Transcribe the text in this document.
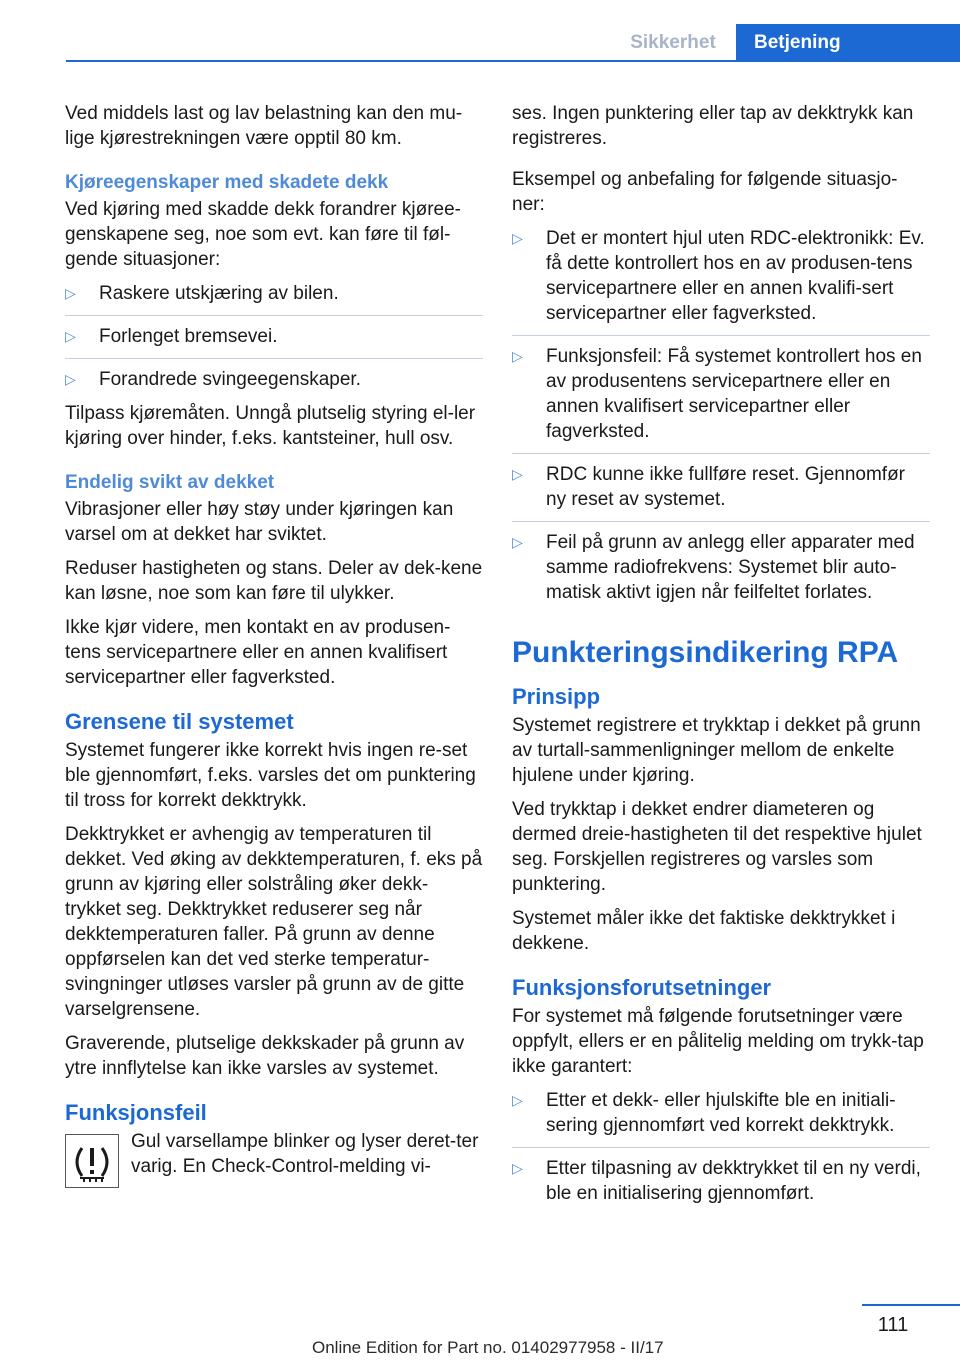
Sikkerhet	Betjening

Ved middels last og lav belastning kan den mu‐lige kjørestrekningen være opptil 80 km.

Kjøreegenskaper med skadete dekk

Ved kjøring med skadde dekk forandrer kjøree‐genskapene seg, noe som evt. kan føre til føl‐gende situasjoner:

▷ Raskere utskjæring av bilen.
▷ Forlenget bremsevei.
▷ Forandrede svingeegenskaper.

Tilpass kjøremåten. Unngå plutselig styring el‐ler kjøring over hinder, f.eks. kantsteiner, hull osv.

Endelig svikt av dekket

Vibrasjoner eller høy støy under kjøringen kan varsel om at dekket har sviktet.

Reduser hastigheten og stans. Deler av dek‐kene kan løsne, noe som kan føre til ulykker.

Ikke kjør videre, men kontakt en av produsen‐tens servicepartnere eller en annen kvalifisert servicepartner eller fagverksted.

Grensene til systemet

Systemet fungerer ikke korrekt hvis ingen re‐set ble gjennomført, f.eks. varsles det om punktering til tross for korrekt dekktrykk.

Dekktrykket er avhengig av temperaturen til dekket. Ved øking av dekktemperaturen, f. eks på grunn av kjøring eller solstråling øker dekk‐trykket seg. Dekktrykket reduserer seg når dekktemperaturen faller. På grunn av denne oppførselen kan det ved sterke temperatur‐svingninger utløses varsler på grunn av de gitte varselgrensene.

Graverende, plutselige dekkskader på grunn av ytre innflytelse kan ikke varsles av systemet.

Funksjonsfeil
Gul varsellampe blinker og lyser deret‐ter varig. En Check-Control-melding vi‐

ses. Ingen punktering eller tap av dekktrykk kan registreres.

Eksempel og anbefaling for følgende situasjo‐ner:

▷ Det er montert hjul uten RDC-elektronikk: Ev. få dette kontrollert hos en av produsen‐tens servicepartnere eller en annen kvalifi‐sert servicepartner eller fagverksted.
▷ Funksjonsfeil: Få systemet kontrollert hos en av produsentens servicepartnere eller en annen kvalifisert servicepartner eller fagverksted.
▷ RDC kunne ikke fullføre reset. Gjennomfør ny reset av systemet.
▷ Feil på grunn av anlegg eller apparater med samme radiofrekvens: Systemet blir auto‐matisk aktivt igjen når feilfeltet forlates.
Punkteringsindikering RPA
Prinsipp

Systemet registrere et trykktap i dekket på grunn av turtall-sammenligninger mellom de enkelte hjulene under kjøring.

Ved trykktap i dekket endrer diameteren og dermed dreie-hastigheten til det respektive hjulet seg. Forskjellen registreres og varsles som punktering.

Systemet måler ikke det faktiske dekktrykket i dekkene.

Funksjonsforutsetninger

For systemet må følgende forutsetninger være oppfylt, ellers er en pålitelig melding om trykk‐tap ikke garantert:

▷ Etter et dekk- eller hjulskifte ble en initiali‐sering gjennomført ved korrekt dekktrykk.
▷ Etter tilpasning av dekktrykket til en ny verdi, ble en initialisering gjennomført.
111
Online Edition for Part no. 01402977958 - II/17
